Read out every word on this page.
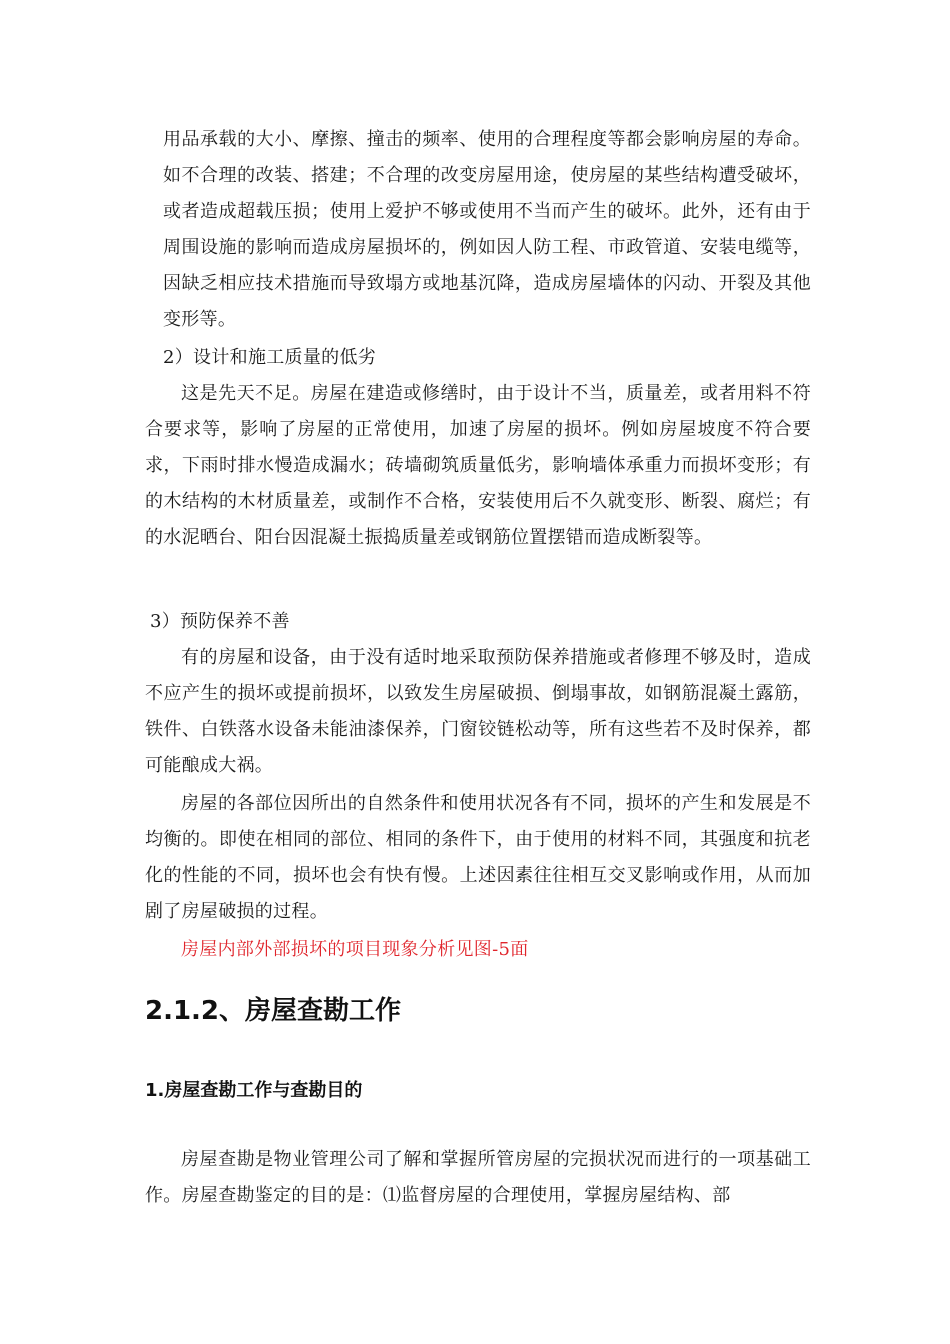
用品承载的大小、摩擦、撞击的频率、使用的合理程度等都会影响房屋的寿命。如不合理的改装、搭建；不合理的改变房屋用途，使房屋的某些结构遭受破坏，或者造成超载压损；使用上爱护不够或使用不当而产生的破坏。此外，还有由于周围设施的影响而造成房屋损坏的，例如因人防工程、市政管道、安装电缆等，因缺乏相应技术措施而导致塌方或地基沉降，造成房屋墙体的闪动、开裂及其他变形等。

2）设计和施工质量的低劣

这是先天不足。房屋在建造或修缮时，由于设计不当，质量差，或者用料不符合要求等，影响了房屋的正常使用，加速了房屋的损坏。例如房屋坡度不符合要求，下雨时排水慢造成漏水；砖墙砌筑质量低劣，影响墙体承重力而损坏变形；有的木结构的木材质量差，或制作不合格，安装使用后不久就变形、断裂、腐烂；有的水泥晒台、阳台因混凝土振捣质量差或钢筋位置摆错而造成断裂等。

3）预防保养不善

有的房屋和设备，由于没有适时地采取预防保养措施或者修理不够及时，造成不应产生的损坏或提前损坏，以致发生房屋破损、倒塌事故，如钢筋混凝土露筋，铁件、白铁落水设备未能油漆保养，门窗铰链松动等，所有这些若不及时保养，都可能酿成大祸。

房屋的各部位因所出的自然条件和使用状况各有不同，损坏的产生和发展是不均衡的。即使在相同的部位、相同的条件下，由于使用的材料不同，其强度和抗老化的性能的不同，损坏也会有快有慢。上述因素往往相互交叉影响或作用，从而加剧了房屋破损的过程。

房屋内部外部损坏的项目现象分析见图-5面

2.1.2、房屋查勘工作
1.房屋查勘工作与查勘目的

房屋查勘是物业管理公司了解和掌握所管房屋的完损状况而进行的一项基础工作。房屋查勘鉴定的目的是：⑴监督房屋的合理使用，掌握房屋结构、部
